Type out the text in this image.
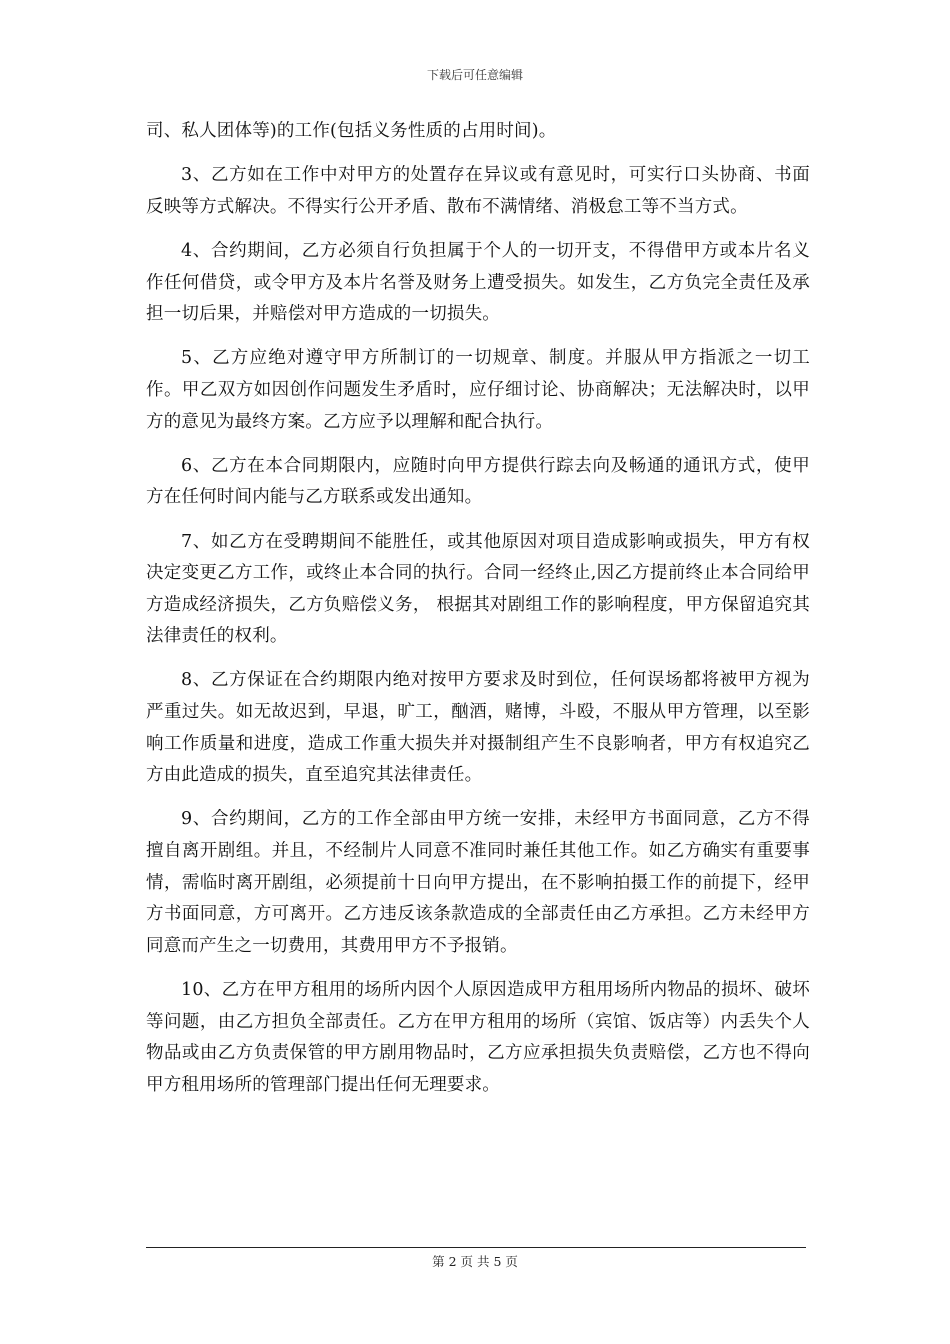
下载后可任意编辑

司、私人团体等)的工作(包括义务性质的占用时间)。

3、乙方如在工作中对甲方的处置存在异议或有意见时，可实行口头协商、书面反映等方式解决。不得实行公开矛盾、散布不满情绪、消极怠工等不当方式。

4、合约期间，乙方必须自行负担属于个人的一切开支，不得借甲方或本片名义作任何借贷，或令甲方及本片名誉及财务上遭受损失。如发生，乙方负完全责任及承担一切后果，并赔偿对甲方造成的一切损失。

5、乙方应绝对遵守甲方所制订的一切规章、制度。并服从甲方指派之一切工作。甲乙双方如因创作问题发生矛盾时，应仔细讨论、协商解决；无法解决时，以甲方的意见为最终方案。乙方应予以理解和配合执行。

6、乙方在本合同期限内，应随时向甲方提供行踪去向及畅通的通讯方式，使甲方在任何时间内能与乙方联系或发出通知。

7、如乙方在受聘期间不能胜任，或其他原因对项目造成影响或损失，甲方有权决定变更乙方工作，或终止本合同的执行。合同一经终止,因乙方提前终止本合同给甲方造成经济损失，乙方负赔偿义务， 根据其对剧组工作的影响程度，甲方保留追究其法律责任的权利。

8、乙方保证在合约期限内绝对按甲方要求及时到位，任何误场都将被甲方视为严重过失。如无故迟到，早退，旷工，酗酒，赌博，斗殴，不服从甲方管理，以至影响工作质量和进度，造成工作重大损失并对摄制组产生不良影响者，甲方有权追究乙方由此造成的损失，直至追究其法律责任。

9、合约期间，乙方的工作全部由甲方统一安排，未经甲方书面同意，乙方不得擅自离开剧组。并且，不经制片人同意不准同时兼任其他工作。如乙方确实有重要事情，需临时离开剧组，必须提前十日向甲方提出，在不影响拍摄工作的前提下，经甲方书面同意，方可离开。乙方违反该条款造成的全部责任由乙方承担。乙方未经甲方同意而产生之一切费用，其费用甲方不予报销。

10、乙方在甲方租用的场所内因个人原因造成甲方租用场所内物品的损坏、破坏等问题，由乙方担负全部责任。乙方在甲方租用的场所（宾馆、饭店等）内丢失个人物品或由乙方负责保管的甲方剧用物品时，乙方应承担损失负责赔偿，乙方也不得向甲方租用场所的管理部门提出任何无理要求。

第 2 页 共 5 页
